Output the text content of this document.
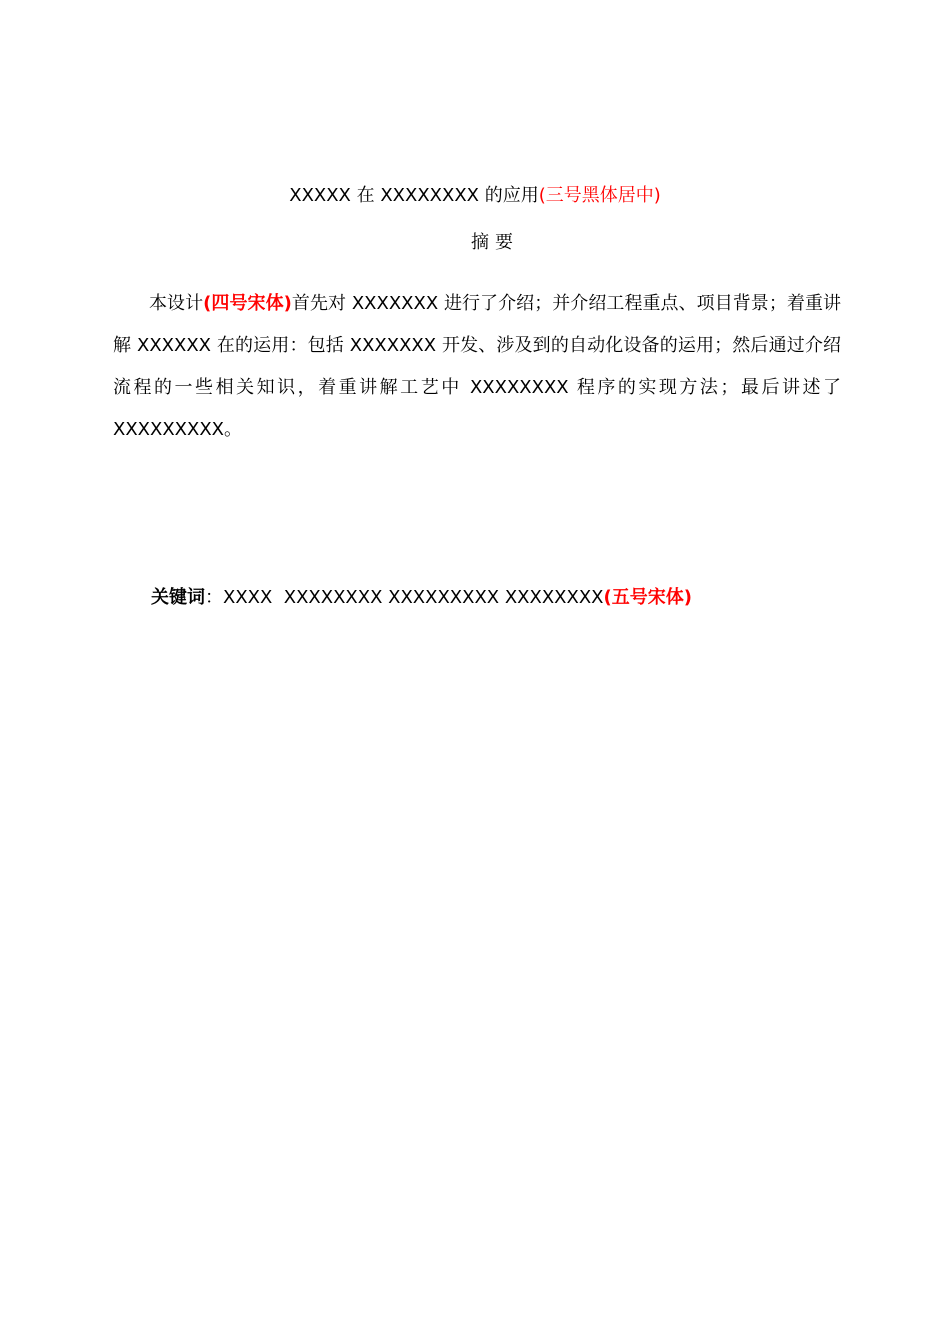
XXXXX 在 XXXXXXXX 的应用(三号黑体居中)
摘要

本设计(四号宋体)首先对 XXXXXXX 进行了介绍；并介绍工程重点、项目背景；着重讲解 XXXXXX 在的运用：包括 XXXXXXX 开发、涉及到的自动化设备的运用；然后通过介绍流程的一些相关知识，着重讲解工艺中 XXXXXXXX 程序的实现方法；最后讲述了 XXXXXXXXX。

关键词：XXXX  XXXXXXXX XXXXXXXXX XXXXXXXX(五号宋体)
